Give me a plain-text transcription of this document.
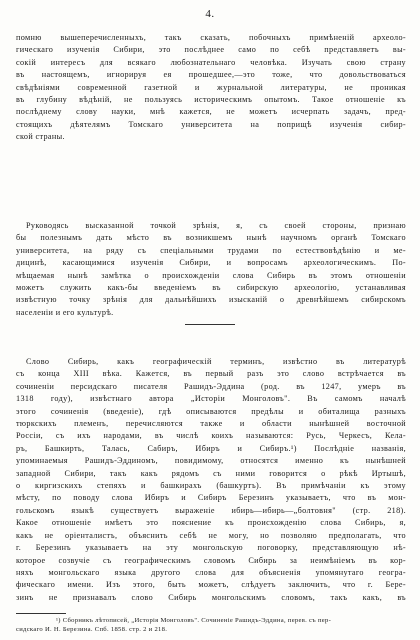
4.
помню вышеперечисленныхъ, такъ сказать, побочныхъ примѣненій археоло-
гическаго изученія Сибири, это послѣднее само по себѣ представляетъ вы-
сокій интересъ для всякаго любознательнаго человѣка. Изучать свою страну
въ настоящемъ, игнорируя ея прошедшее,—это тоже, что довольствоваться
свѣдѣніями современной газетной и журнальной литературы, не проникая
въ глубину вѣдѣній, не пользуясь историческимъ опытомъ. Такое отношеніе къ
послѣднему слову науки, мнѣ кажется, не можетъ исчерпать задачъ, пред-
стоящихъ дѣятелямъ Томскаго университета на поприщѣ изученія сибир-
ской страны.
Руководясь высказанной точкой зрѣнія, я, съ своей стороны, признаю
бы полезнымъ дать мѣсто въ возникшемъ нынѣ научномъ органѣ Томскаго
университета, на ряду съ спеціальными трудами по естествовѣдѣнію и ме-
дицинѣ, касающимися изученія Сибири, и вопросамъ археологическимъ. По-
мѣщаемая нынѣ замѣтка о происхожденіи слова Сибирь въ этомъ отношеніи
можетъ служить какъ-бы введеніемъ въ сибирскую археологію, устанавливая
извѣстную точку зрѣнія для дальнѣйшихъ изысканій о древнѣйшемъ сибирскомъ
населеніи и его культурѣ.
Слово Сибирь, какъ географическій терминъ, извѣстно въ литературѣ
съ конца XIII вѣка. Кажется, въ первый разъ это слово встрѣчается въ
сочиненіи персидскаго писателя Рашидъ-Эддина (род. въ 1247, умеръ въ
1318 году), извѣстнаго автора „Исторіи Монголовъ". Въ самомъ началѣ
этого сочиненія (введеніе), гдѣ описываются предѣлы и обиталища разныхъ
тюркскихъ племенъ, перечисляются также и области нынѣшней восточной
Россіи, съ ихъ народами, въ числѣ коихъ называются: Русь, Черкесъ, Кела-
ръ, Башкирть, Талась, Сабиръ, Ибиръ и Сибиръ.¹) Послѣдніе названія,
упоминаемыя Рашидъ-Эддиномъ, повидимому, относятся именно къ нынѣшней
западной Сибири, такъ какъ рядомъ съ ними говорится о рѣкѣ Иртышѣ,
о киргизскихъ степяхъ и башкирахъ (башкуртъ). Въ примѣчаніи къ этому
мѣсту, по поводу слова Ибиръ и Сибиръ Березинъ указываетъ, что въ мон-
гольскомъ языкѣ существуетъ выраженіе ибирь—ибирь—„болтовня" (стр. 218).
Какое отношеніе имѣетъ это пояснение къ происхожденію слова Сибирь, я,
какъ не оріенталистъ, объяснить себѣ не могу, но позволяю предполагать, что
г. Березинъ указываетъ на эту монгольскую поговорку, представляющую нѣ-
которое созвучіе съ географическимъ словомъ Сибирь за неимѣніемъ въ кор-
няхъ монгольскаго языка другого слова для объясненія упомянутаго геогра-
фическаго имени. Изъ этого, быть можетъ, слѣдуетъ заключить, что г. Бере-
зинъ не признавалъ слово Сибирь монгольскимъ словомъ, такъ какъ, въ
¹) Сборникъ лѣтописей, „Исторія Монголовъ". Сочиненіе Рашидъ-Эддина, перев. съ пер-
сидскаго И. Н. Березина. Спб. 1858. стр. 2 и 218.
